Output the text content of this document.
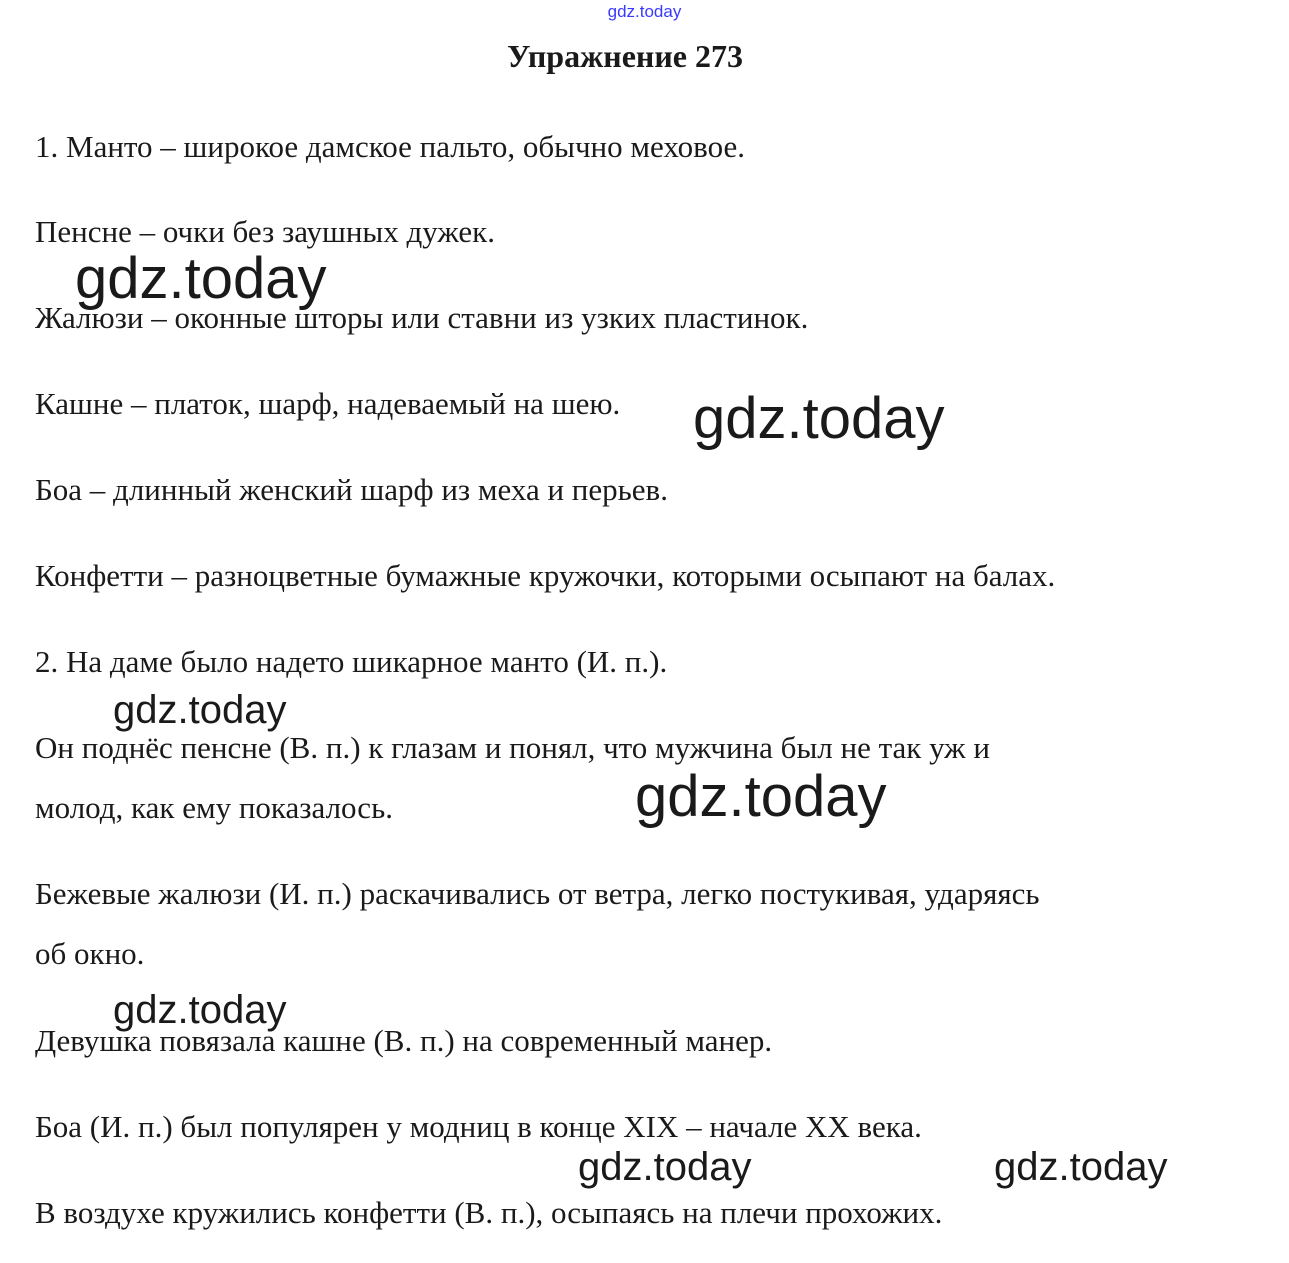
gdz.today
Упражнение 273
1. Манто – широкое дамское пальто, обычно меховое.
Пенсне – очки без заушных дужек.
Жалюзи – оконные шторы или ставни из узких пластинок.
Кашне – платок, шарф, надеваемый на шею.
Боа – длинный женский шарф из меха и перьев.
Конфетти – разноцветные бумажные кружочки, которыми осыпают на балах.
2. На даме было надето шикарное манто (И. п.).
Он поднёс пенсне (В. п.) к глазам и понял, что мужчина был не так уж и
молод, как ему показалось.
Бежевые жалюзи (И. п.) раскачивались от ветра, легко постукивая, ударяясь
об окно.
Девушка повязала кашне (В. п.) на современный манер.
Боа (И. п.) был популярен у модниц в конце XIX – начале XX века.
В воздухе кружились конфетти (В. п.), осыпаясь на плечи прохожих.
gdz.today
gdz.today
gdz.today
gdz.today
gdz.today
gdz.today	gdz.today
